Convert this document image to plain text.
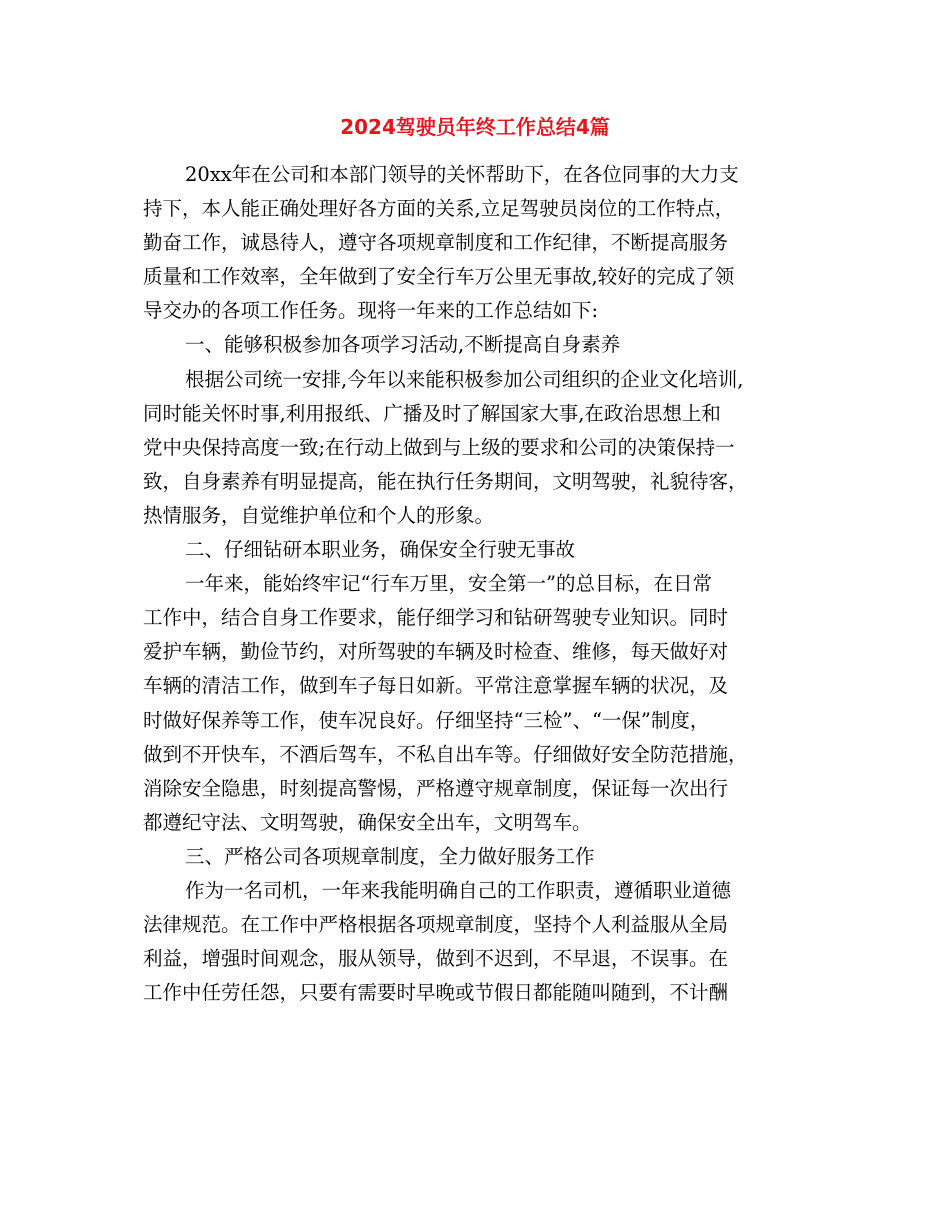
2024驾驶员年终工作总结4篇
20xx年在公司和本部门领导的关怀帮助下，在各位同事的大力支
持下，本人能正确处理好各方面的关系,立足驾驶员岗位的工作特点，
勤奋工作，诚恳待人，遵守各项规章制度和工作纪律，不断提高服务
质量和工作效率，全年做到了安全行车万公里无事故,较好的完成了领
导交办的各项工作任务。现将一年来的工作总结如下:
一、能够积极参加各项学习活动,不断提高自身素养
根据公司统一安排,今年以来能积极参加公司组织的企业文化培训,
同时能关怀时事,利用报纸、广播及时了解国家大事,在政治思想上和
党中央保持高度一致;在行动上做到与上级的要求和公司的决策保持一
致，自身素养有明显提高，能在执行任务期间，文明驾驶，礼貌待客，
热情服务，自觉维护单位和个人的形象。
二、仔细钻研本职业务，确保安全行驶无事故
一年来，能始终牢记“行车万里，安全第一”的总目标，在日常
工作中，结合自身工作要求，能仔细学习和钻研驾驶专业知识。同时
爱护车辆，勤俭节约，对所驾驶的车辆及时检查、维修，每天做好对
车辆的清洁工作，做到车子每日如新。平常注意掌握车辆的状况，及
时做好保养等工作，使车况良好。仔细坚持“三检”、“一保”制度，
做到不开快车，不酒后驾车，不私自出车等。仔细做好安全防范措施，
消除安全隐患，时刻提高警惕，严格遵守规章制度，保证每一次出行
都遵纪守法、文明驾驶，确保安全出车，文明驾车。
三、严格公司各项规章制度，全力做好服务工作
作为一名司机，一年来我能明确自己的工作职责，遵循职业道德
法律规范。在工作中严格根据各项规章制度，坚持个人利益服从全局
利益，增强时间观念，服从领导，做到不迟到，不早退，不误事。在
工作中任劳任怨，只要有需要时早晚或节假日都能随叫随到，不计酬
